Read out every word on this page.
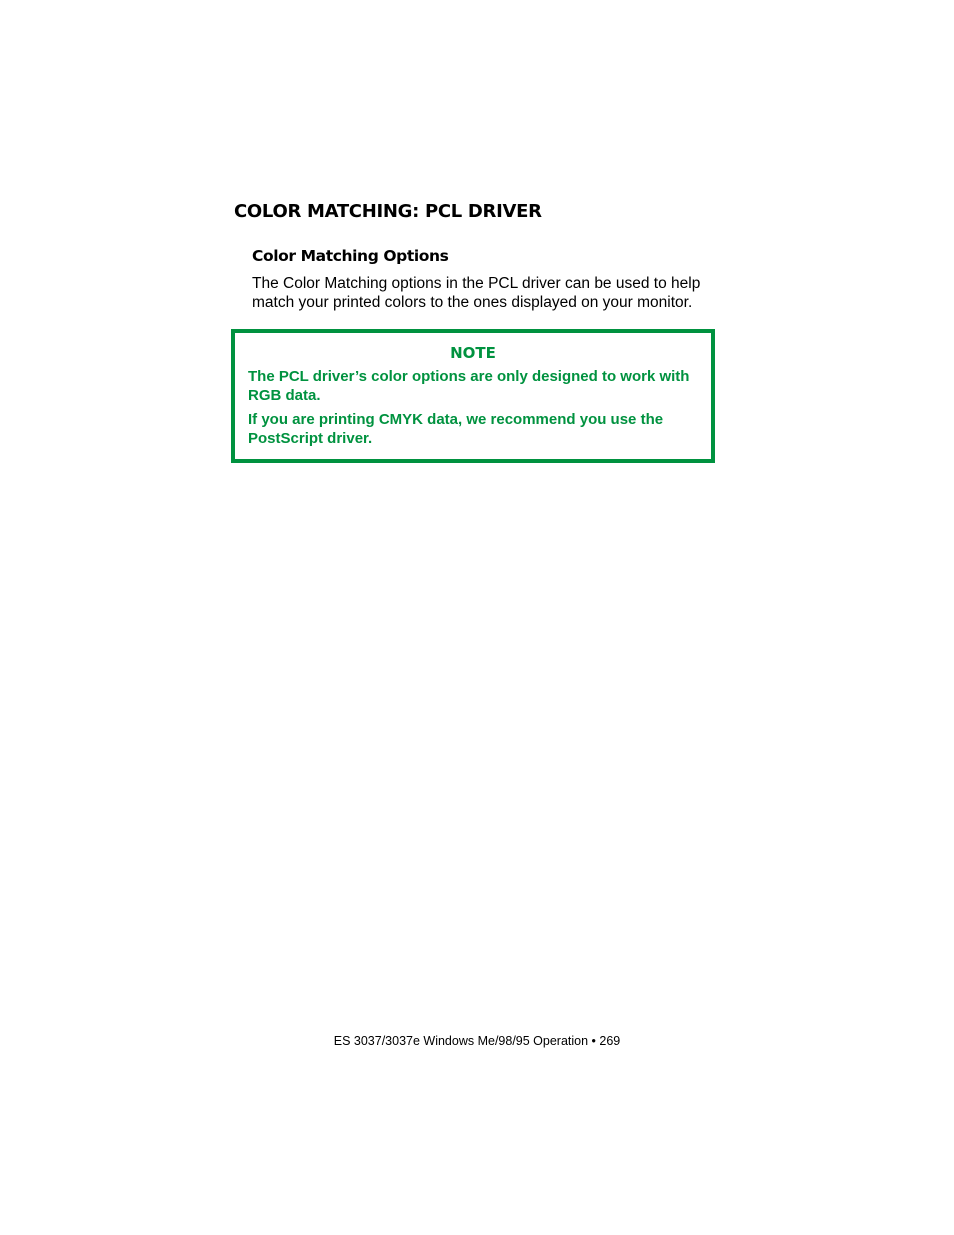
COLOR MATCHING: PCL DRIVER
Color Matching Options

The Color Matching options in the PCL driver can be used to help match your printed colors to the ones displayed on your monitor.

NOTE

The PCL driver’s color options are only designed to work with RGB data.

If you are printing CMYK data, we recommend you use the PostScript driver.

ES 3037/3037e Windows Me/98/95 Operation • 269
